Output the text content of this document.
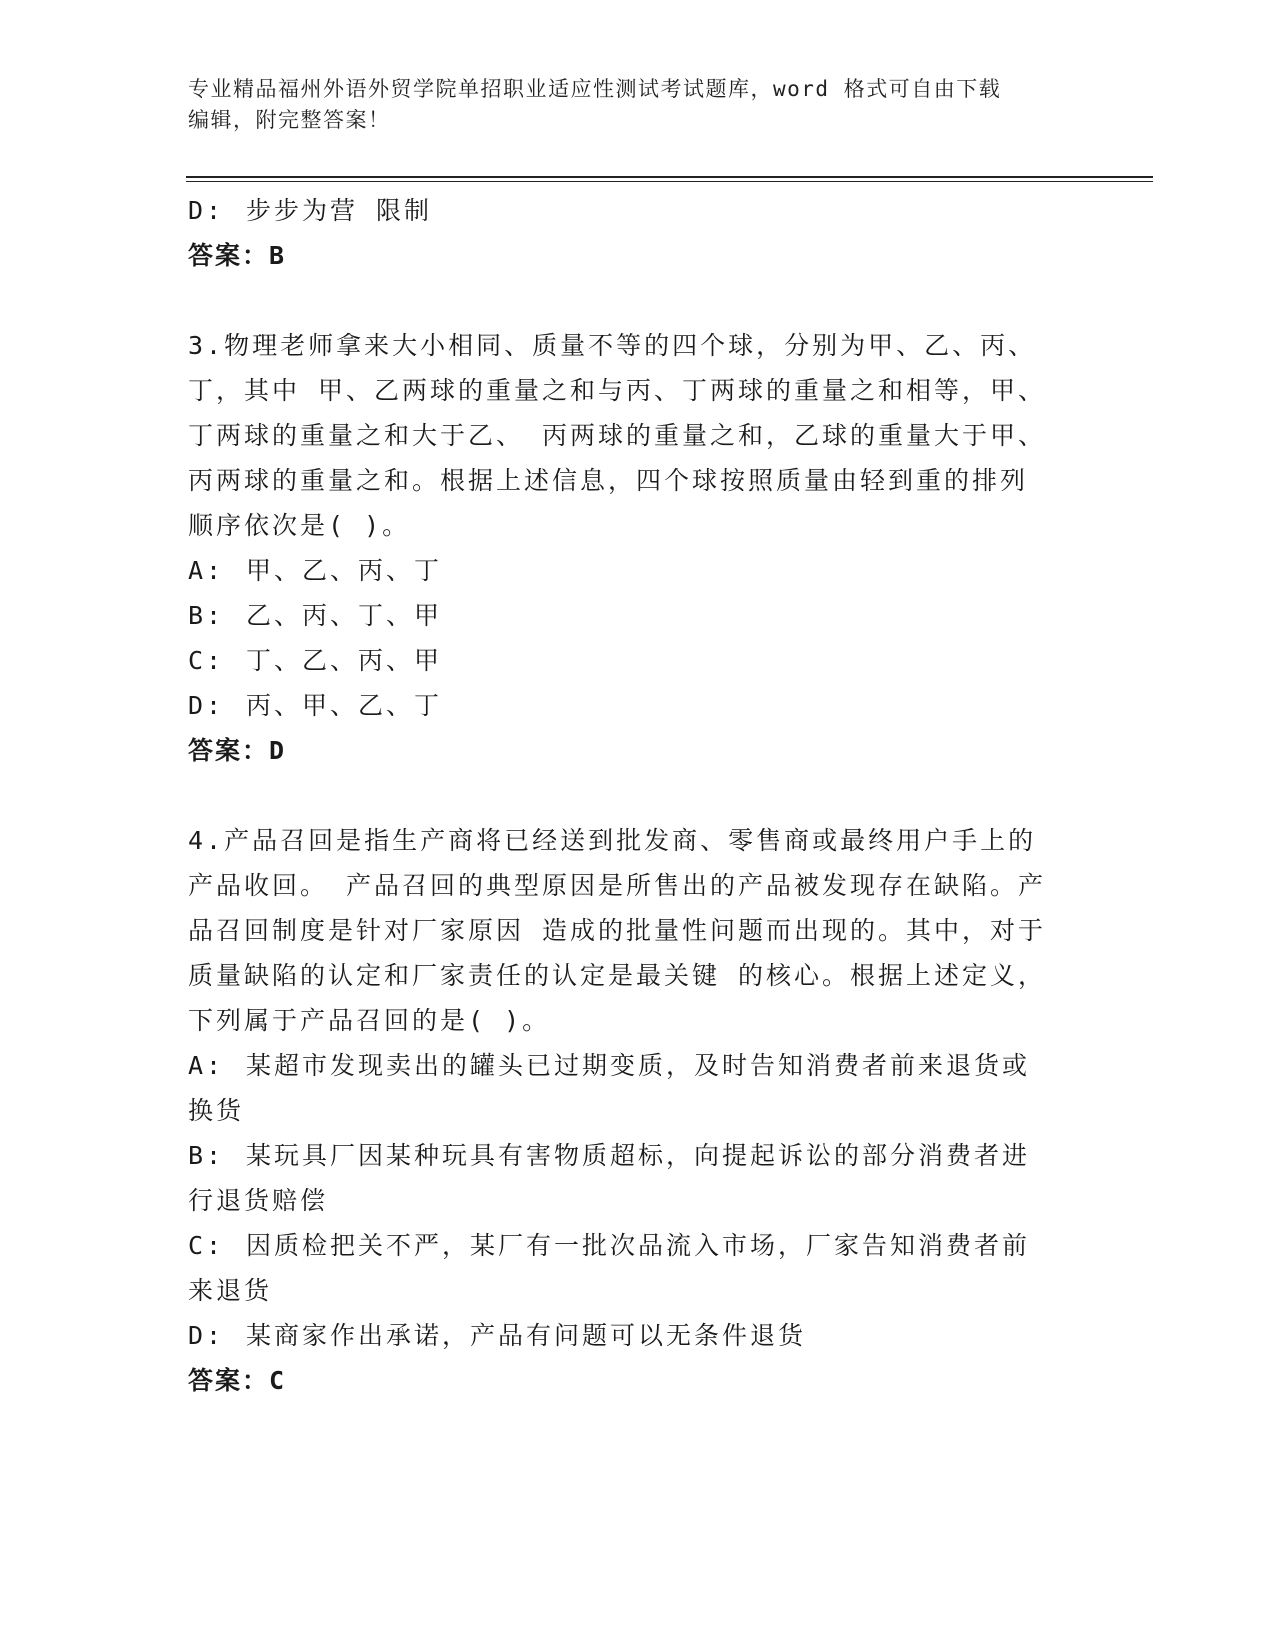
专业精品福州外语外贸学院单招职业适应性测试考试题库，word 格式可自由下载
编辑，附完整答案！
D: 步步为营 限制
答案：B
3.物理老师拿来大小相同、质量不等的四个球，分别为甲、乙、丙、
丁，其中 甲、乙两球的重量之和与丙、丁两球的重量之和相等，甲、
丁两球的重量之和大于乙、 丙两球的重量之和，乙球的重量大于甲、
丙两球的重量之和。根据上述信息，四个球按照质量由轻到重的排列
顺序依次是( )。
A: 甲、乙、丙、丁
B: 乙、丙、丁、甲
C: 丁、乙、丙、甲
D: 丙、甲、乙、丁
答案：D
4.产品召回是指生产商将已经送到批发商、零售商或最终用户手上的
产品收回。 产品召回的典型原因是所售出的产品被发现存在缺陷。产
品召回制度是针对厂家原因 造成的批量性问题而出现的。其中，对于
质量缺陷的认定和厂家责任的认定是最关键 的核心。根据上述定义，
下列属于产品召回的是( )。
A: 某超市发现卖出的罐头已过期变质，及时告知消费者前来退货或
换货
B: 某玩具厂因某种玩具有害物质超标，向提起诉讼的部分消费者进
行退货赔偿
C: 因质检把关不严，某厂有一批次品流入市场，厂家告知消费者前
来退货
D: 某商家作出承诺，产品有问题可以无条件退货
答案：C
